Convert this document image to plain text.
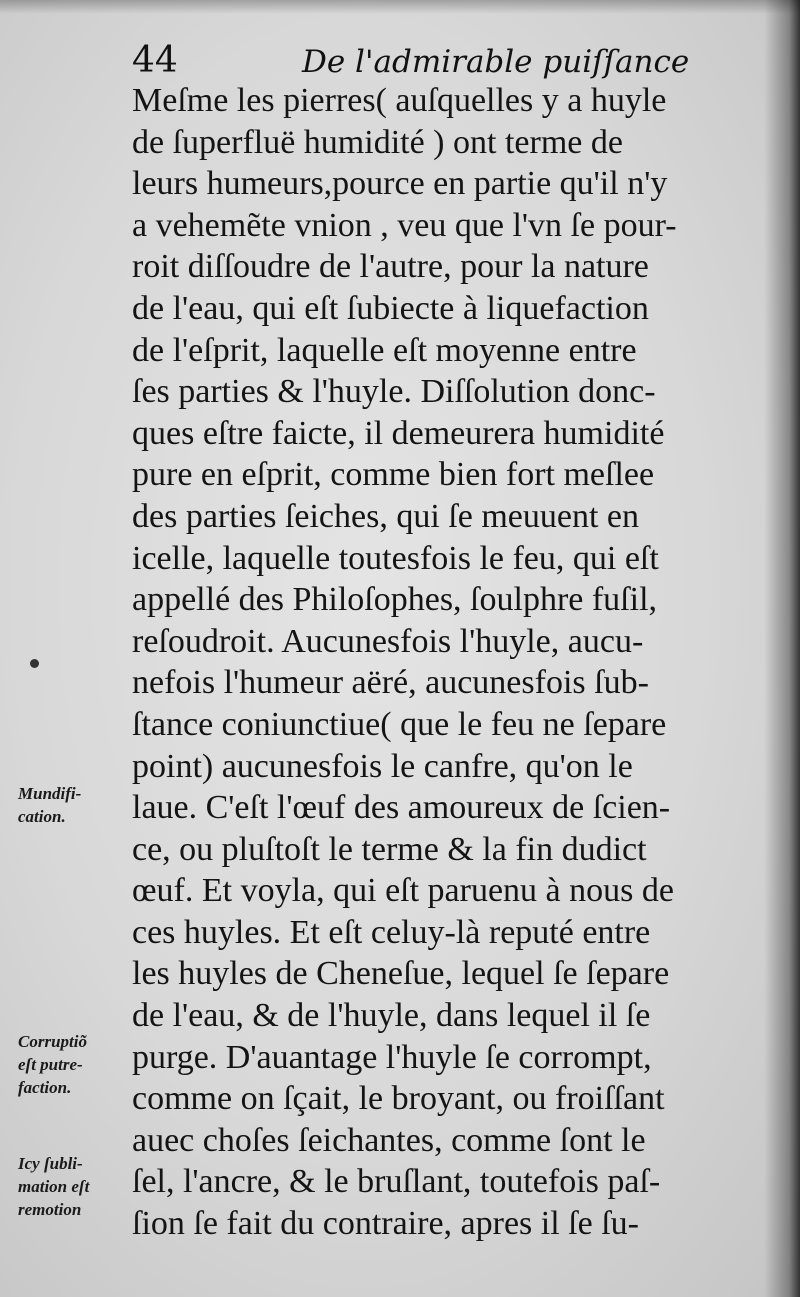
44	De l'admirable puiſſance
Meſme les pierres( auſquelles y a huyle
de ſuperfluë humidité ) ont terme de
leurs humeurs,pource en partie qu'il n'y
a vehemẽte vnion , veu que l'vn ſe pour-
roit diſſoudre de l'autre, pour la nature
de l'eau, qui eſt ſubiecte à liquefaction
de l'eſprit, laquelle eſt moyenne entre
ſes parties & l'huyle. Diſſolution donc-
ques eſtre faicte, il demeurera humidité
pure en eſprit, comme bien fort meſlee
des parties ſeiches, qui ſe meuuent en
icelle, laquelle toutesfois le feu, qui eſt
appellé des Philoſophes, ſoulphre fuſil,
reſoudroit. Aucunesfois l'huyle, aucu-
nefois l'humeur aëré, aucunesfois ſub-
ſtance coniunctiue( que le feu ne ſepare
point) aucunesfois le canfre, qu'on le
laue. C'eſt l'œuf des amoureux de ſcien-
ce, ou pluſtoſt le terme & la fin dudict
œuf. Et voyla, qui eſt paruenu à nous de
ces huyles. Et eſt celuy-là reputé entre
les huyles de Cheneſue, lequel ſe ſepare
de l'eau, & de l'huyle, dans lequel il ſe
purge. D'auantage l'huyle ſe corrompt,
comme on ſçait, le broyant, ou froiſſant
auec choſes ſeichantes, comme ſont le
ſel, l'ancre, & le bruſlant, toutefois paſ-
ſion ſe fait du contraire, apres il ſe ſu-
Mundifi-
cation.
Corruptiõ
eſt putre-
faction.
Icy ſubli-
mation eſt
remotion
